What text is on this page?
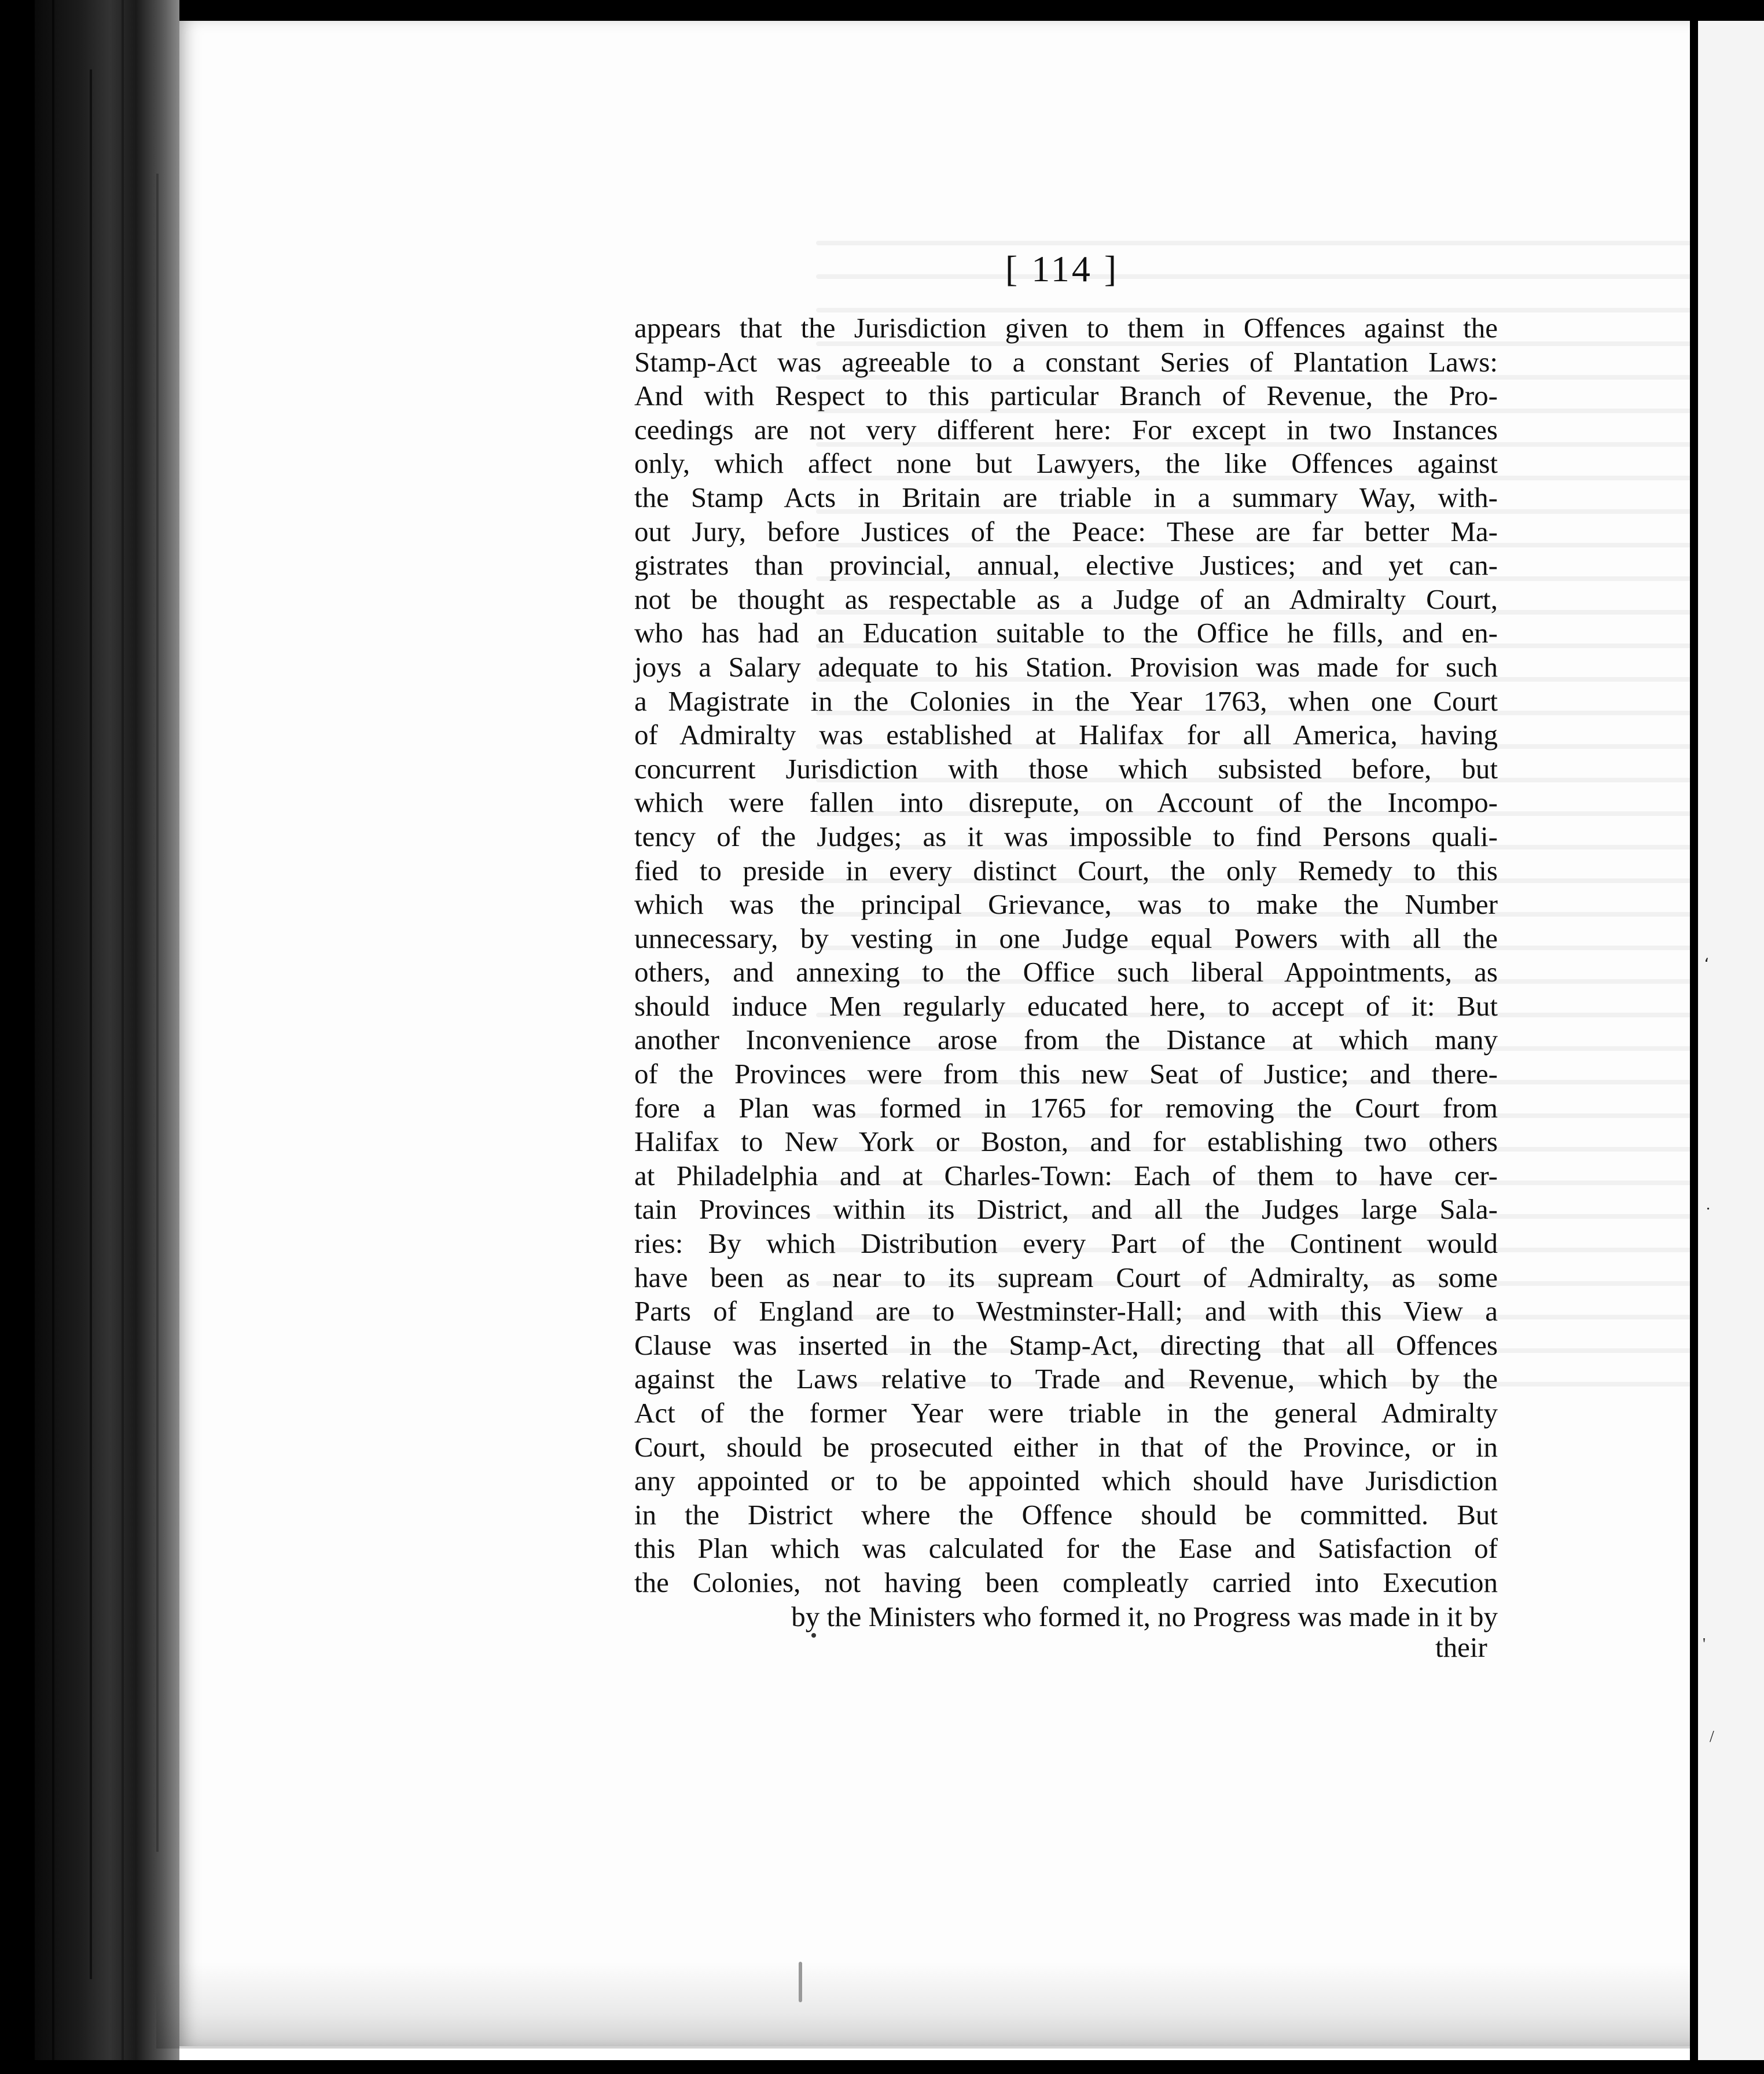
،
.
'
/
[ 114 ]
appears that the Jurisdiction given to them in Offences against the
Stamp-Act was agreeable to a constant Series of Plantation Laws:
And with Respect to this particular Branch of Revenue, the Pro-
ceedings are not very different here: For except in two Instances
only, which affect none but Lawyers, the like Offences against
the Stamp Acts in Britain are triable in a summary Way, with-
out Jury, before Justices of the Peace: These are far better Ma-
gistrates than provincial, annual, elective Justices; and yet can-
not be thought as respectable as a Judge of an Admiralty Court,
who has had an Education suitable to the Office he fills, and en-
joys a Salary adequate to his Station. Provision was made for such
a Magistrate in the Colonies in the Year 1763, when one Court
of Admiralty was established at Halifax for all America, having
concurrent Jurisdiction with those which subsisted before, but
which were fallen into disrepute, on Account of the Incompo-
tency of the Judges; as it was impossible to find Persons quali-
fied to preside in every distinct Court, the only Remedy to this
which was the principal Grievance, was to make the Number
unnecessary, by vesting in one Judge equal Powers with all the
others, and annexing to the Office such liberal Appointments, as
should induce Men regularly educated here, to accept of it: But
another Inconvenience arose from the Distance at which many
of the Provinces were from this new Seat of Justice; and there-
fore a Plan was formed in 1765 for removing the Court from
Halifax to New York or Boston, and for establishing two others
at Philadelphia and at Charles-Town: Each of them to have cer-
tain Provinces within its District, and all the Judges large Sala-
ries: By which Distribution every Part of the Continent would
have been as near to its supream Court of Admiralty, as some
Parts of England are to Westminster-Hall; and with this View a
Clause was inserted in the Stamp-Act, directing that all Offences
against the Laws relative to Trade and Revenue, which by the
Act of the former Year were triable in the general Admiralty
Court, should be prosecuted either in that of the Province, or in
any appointed or to be appointed which should have Jurisdiction
in the District where the Offence should be committed. But
this Plan which was calculated for the Ease and Satisfaction of
the Colonies, not having been compleatly carried into Execution
by the Ministers who formed it, no Progress was made in it by
their
